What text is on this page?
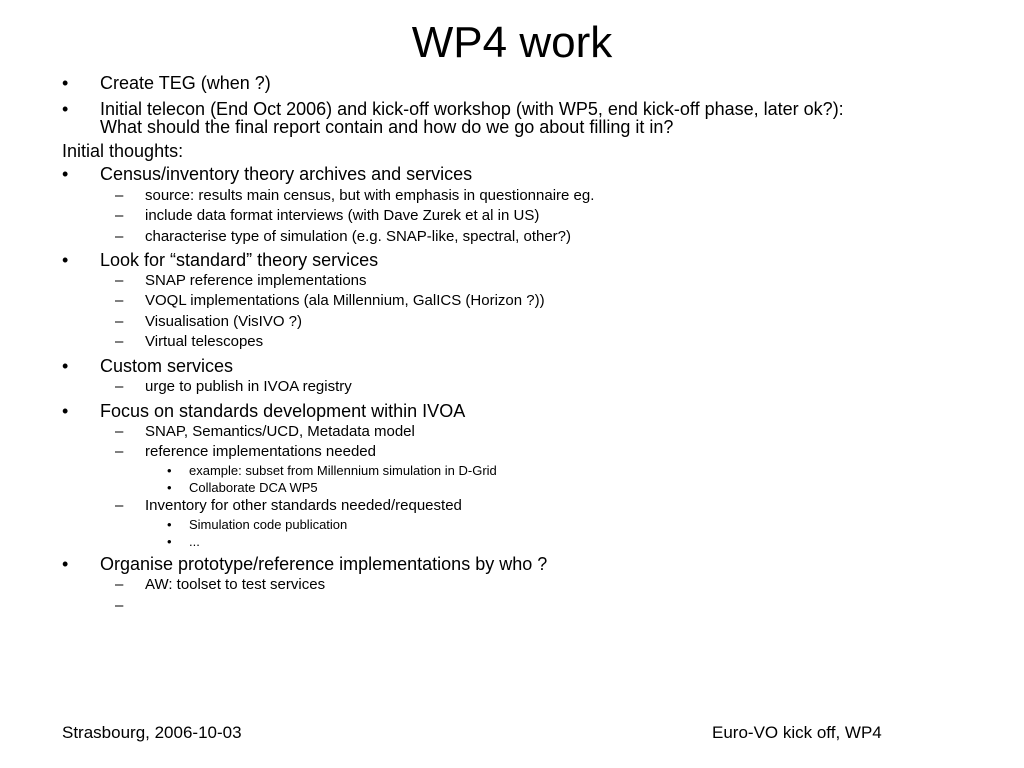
WP4 work
• Create TEG (when ?)
• Initial telecon (End Oct 2006) and kick-off workshop (with WP5, end kick-off phase, later ok?):
What should the final report contain and how do we go about filling it in?
Initial thoughts:
• Census/inventory theory archives and services
– source: results main census, but with emphasis in questionnaire eg.
– include data format interviews (with Dave Zurek et al in US)
– characterise type of simulation (e.g. SNAP-like, spectral, other?)
• Look for “standard” theory services
– SNAP reference implementations
– VOQL implementations (ala Millennium, GalICS (Horizon ?))
– Visualisation (VisIVO ?)
– Virtual telescopes
• Custom services
– urge to publish in IVOA registry
• Focus on standards development within IVOA
– SNAP, Semantics/UCD, Metadata model
– reference implementations needed
• example: subset from Millennium simulation in D-Grid
• Collaborate DCA WP5
– Inventory for other standards needed/requested
• Simulation code publication
• ...
• Organise prototype/reference implementations by who ?
– AW: toolset to test services
–
Strasbourg, 2006-10-03	Euro-VO kick off, WP4
